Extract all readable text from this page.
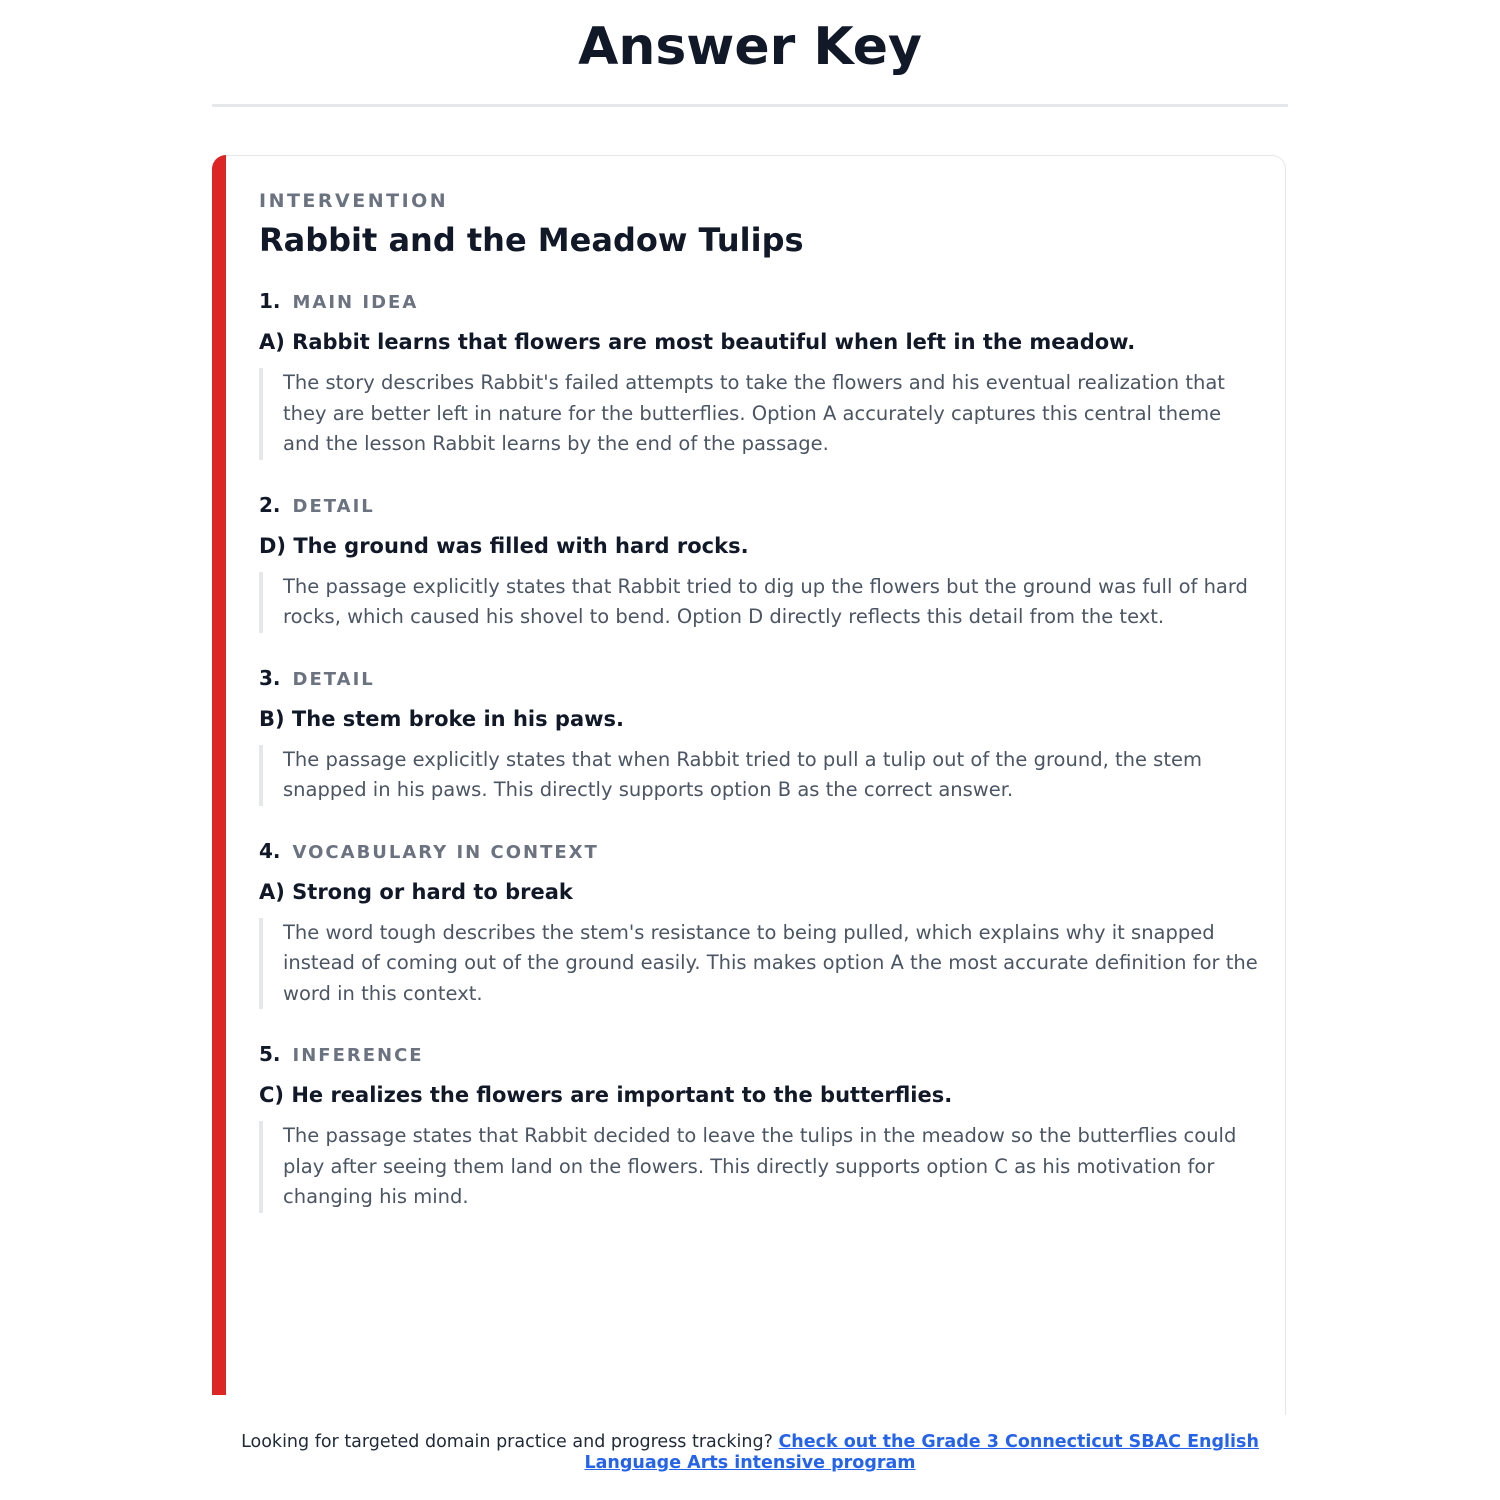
Answer Key
INTERVENTION
Rabbit and the Meadow Tulips
1. MAIN IDEA
A) Rabbit learns that flowers are most beautiful when left in the meadow.
The story describes Rabbit's failed attempts to take the flowers and his eventual realization that they are better left in nature for the butterflies. Option A accurately captures this central theme and the lesson Rabbit learns by the end of the passage.
2. DETAIL
D) The ground was filled with hard rocks.
The passage explicitly states that Rabbit tried to dig up the flowers but the ground was full of hard rocks, which caused his shovel to bend. Option D directly reflects this detail from the text.
3. DETAIL
B) The stem broke in his paws.
The passage explicitly states that when Rabbit tried to pull a tulip out of the ground, the stem snapped in his paws. This directly supports option B as the correct answer.
4. VOCABULARY IN CONTEXT
A) Strong or hard to break
The word tough describes the stem's resistance to being pulled, which explains why it snapped instead of coming out of the ground easily. This makes option A the most accurate definition for the word in this context.
5. INFERENCE
C) He realizes the flowers are important to the butterflies.
The passage states that Rabbit decided to leave the tulips in the meadow so the butterflies could play after seeing them land on the flowers. This directly supports option C as his motivation for changing his mind.
Looking for targeted domain practice and progress tracking? Check out the Grade 3 Connecticut SBAC English Language Arts intensive program
